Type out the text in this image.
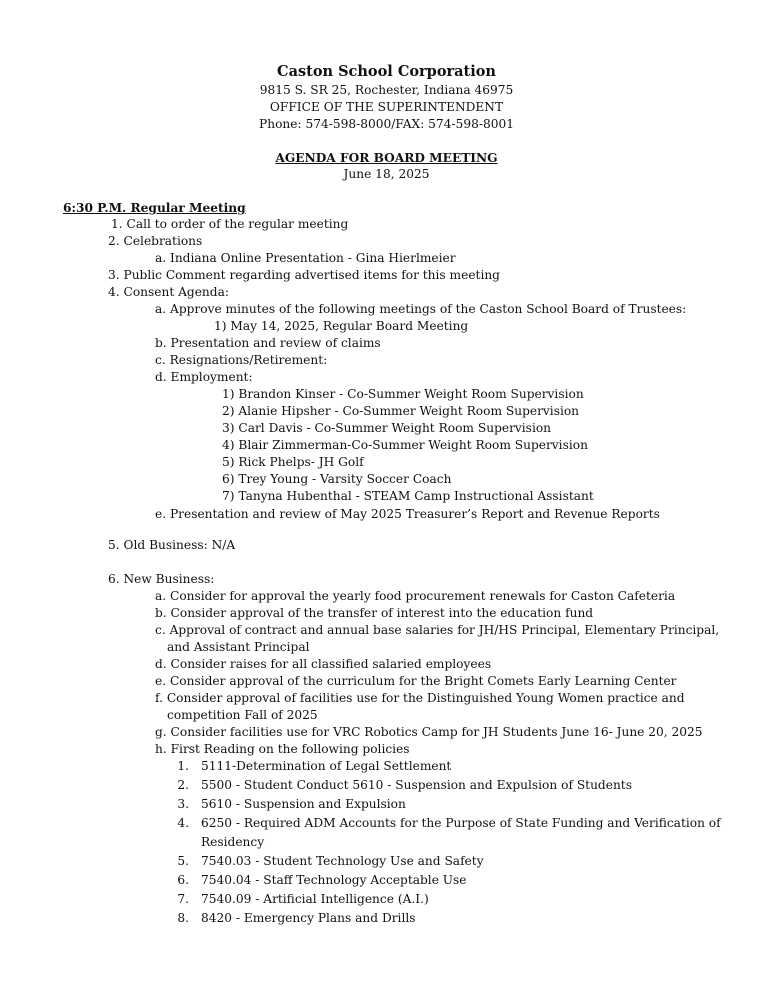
Caston School Corporation
9815 S. SR 25, Rochester, Indiana 46975
OFFICE OF THE SUPERINTENDENT
Phone: 574-598-8000/FAX: 574-598-8001
AGENDA FOR BOARD MEETING
June 18, 2025
6:30 P.M. Regular Meeting
1. Call to order of the regular meeting
2. Celebrations
a. Indiana Online Presentation - Gina Hierlmeier
3. Public Comment regarding advertised items for this meeting
4. Consent Agenda:
a. Approve minutes of the following meetings of the Caston School Board of Trustees:
1) May 14, 2025, Regular Board Meeting
b. Presentation and review of claims
c. Resignations/Retirement:
d. Employment:
1) Brandon Kinser - Co-Summer Weight Room Supervision
2) Alanie Hipsher - Co-Summer Weight Room Supervision
3) Carl Davis - Co-Summer Weight Room Supervision
4) Blair Zimmerman-Co-Summer Weight Room Supervision
5) Rick Phelps- JH Golf
6) Trey Young - Varsity Soccer Coach
7) Tanyna Hubenthal - STEAM Camp Instructional Assistant
e. Presentation and review of May 2025 Treasurer’s Report and Revenue Reports
5. Old Business: N/A
6. New Business:
a. Consider for approval the yearly food procurement renewals for Caston Cafeteria
b. Consider approval of the transfer of interest into the education fund
c. Approval of contract and annual base salaries for JH/HS Principal, Elementary Principal,
and Assistant Principal
d. Consider raises for all classified salaried employees
e. Consider approval of the curriculum for the Bright Comets Early Learning Center
f. Consider approval of facilities use for the Distinguished Young Women practice and
competition Fall of 2025
g. Consider facilities use for VRC Robotics Camp for JH Students June 16- June 20, 2025
h. First Reading on the following policies
1. 5111-Determination of Legal Settlement
2. 5500 - Student Conduct 5610 - Suspension and Expulsion of Students
3. 5610 - Suspension and Expulsion
4. 6250 - Required ADM Accounts for the Purpose of State Funding and Verification of
Residency
5. 7540.03 - Student Technology Use and Safety
6. 7540.04 - Staff Technology Acceptable Use
7. 7540.09 - Artificial Intelligence (A.I.)
8. 8420 - Emergency Plans and Drills
